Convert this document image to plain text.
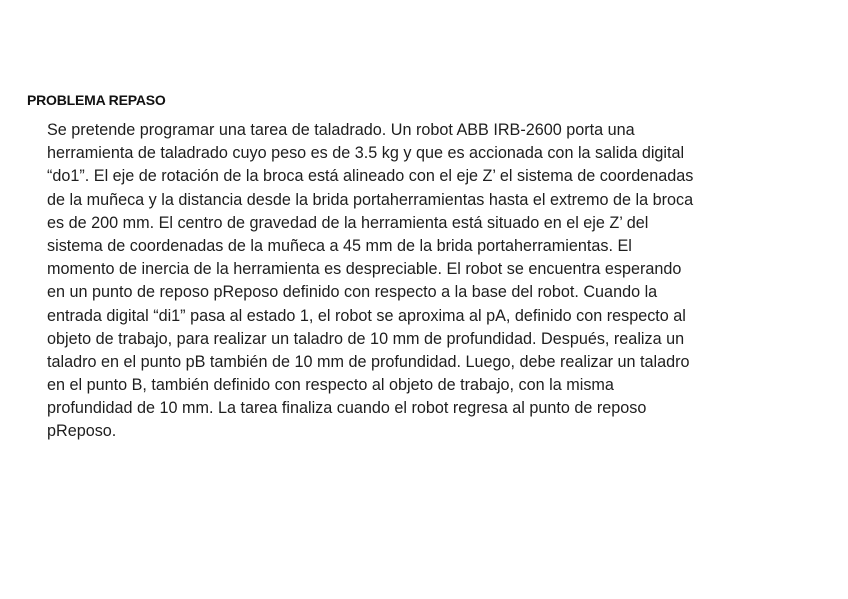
PROBLEMA REPASO
Se pretende programar una tarea de taladrado. Un robot ABB IRB-2600 porta una
herramienta de taladrado cuyo peso es de 3.5 kg y que es accionada con la salida digital
“do1”. El eje de rotación de la broca está alineado con el eje Z’ el sistema de coordenadas
de la muñeca y la distancia desde la brida portaherramientas hasta el extremo de la broca
es de 200 mm. El centro de gravedad de la herramienta está situado en el eje Z’ del
sistema de coordenadas de la muñeca a 45 mm de la brida portaherramientas. El
momento de inercia de la herramienta es despreciable. El robot se encuentra esperando
en un punto de reposo pReposo definido con respecto a la base del robot. Cuando la
entrada digital “di1” pasa al estado 1, el robot se aproxima al pA, definido con respecto al
objeto de trabajo, para realizar un taladro de 10 mm de profundidad. Después, realiza un
taladro en el punto pB también de 10 mm de profundidad. Luego, debe realizar un taladro
en el punto B, también definido con respecto al objeto de trabajo, con la misma
profundidad de 10 mm. La tarea finaliza cuando el robot regresa al punto de reposo
pReposo.
